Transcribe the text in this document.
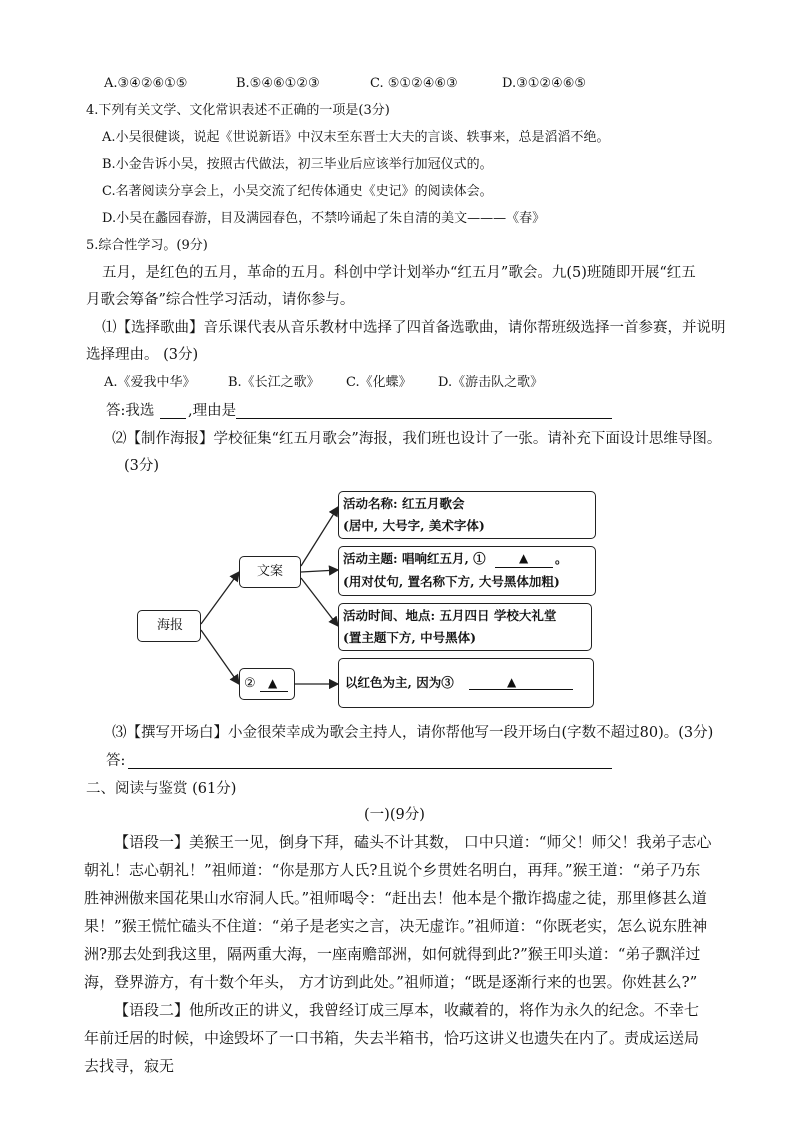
A.③④②⑥①⑤	B.⑤④⑥①②③	C. ⑤①②④⑥③	D.③①②④⑥⑤
4.下列有关文学、文化常识表述不正确的一项是(3分)
A.小吴很健谈，说起《世说新语》中汉末至东晋士大夫的言谈、轶事来，总是滔滔不绝。
B.小金告诉小吴，按照古代做法，初三毕业后应该举行加冠仪式的。
C.名著阅读分享会上，小吴交流了纪传体通史《史记》的阅读体会。
D.小吴在蠡园春游，目及满园春色，不禁吟诵起了朱自清的美文———《春》
5.综合性学习。(9分)
五月，是红色的五月，革命的五月。科创中学计划举办“红五月”歌会。九(5)班随即开展“红五
月歌会筹备”综合性学习活动，请你参与。
⑴【选择歌曲】音乐课代表从音乐教材中选择了四首备选歌曲，请你帮班级选择一首参赛，并说明
选择理由。 (3分)
A.《爱我中华》 B.《长江之歌》 C.《化蝶》 D.《游击队之歌》
答:我选 ,理由是
⑵【制作海报】学校征集“红五月歌会”海报，我们班也设计了一张。请补充下面设计思维导图。
(3分)
海报
文案
② ▲
活动名称: 红五月歌会
(居中, 大号字, 美术字体)
活动主题: 唱响红五月, ①	▲ 。
(用对仗句, 置名称下方, 大号黑体加粗)
活动时间、地点: 五月四日 学校大礼堂
(置主题下方, 中号黑体)
以红色为主, 因为③	▲
⑶【撰写开场白】小金很荣幸成为歌会主持人，请你帮他写一段开场白(字数不超过80)。(3分)
答:
二、阅读与鉴赏 (61分)
(一)(9分)
【语段一】美猴王一见，倒身下拜，磕头不计其数， 口中只道：“师父！师父！我弟子志心朝礼！志心朝礼！”祖师道：“你是那方人氏?且说个乡贯姓名明白，再拜。”猴王道：“弟子乃东胜神洲傲来国花果山水帘洞人氏。”祖师喝令：“赶出去！他本是个撒诈捣虚之徒，那里修甚么道果！”猴王慌忙磕头不住道：“弟子是老实之言，决无虚诈。”祖师道：“你既老实，怎么说东胜神洲?那去处到我这里，隔两重大海，一座南赡部洲，如何就得到此?”猴王叩头道：“弟子飘洋过海，登界游方，有十数个年头， 方才访到此处。”祖师道；“既是逐渐行来的也罢。你姓甚么?”
【语段二】他所改正的讲义，我曾经订成三厚本，收藏着的，将作为永久的纪念。不幸七年前迁居的时候，中途毁坏了一口书箱，失去半箱书，恰巧这讲义也遗失在内了。责成运送局去找寻，寂无
